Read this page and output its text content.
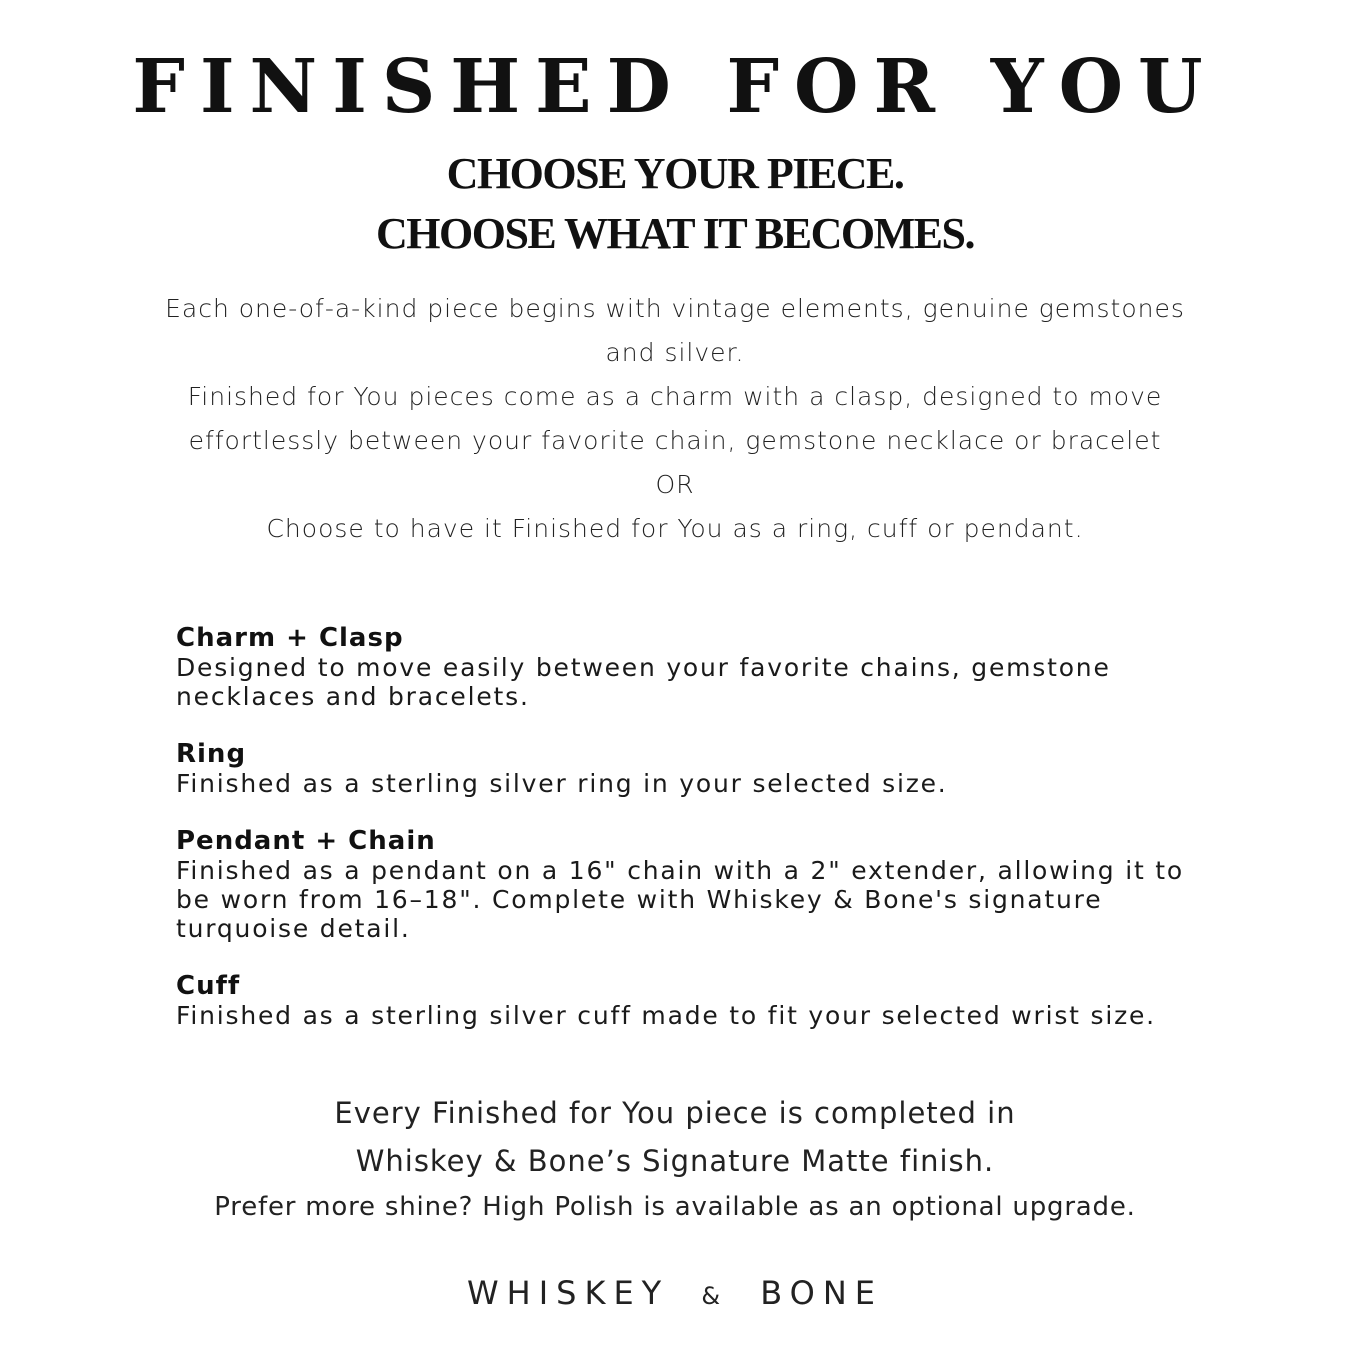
FINISHED FOR YOU
CHOOSE YOUR PIECE.
CHOOSE WHAT IT BECOMES.
Each one-of-a-kind piece begins with vintage elements, genuine gemstones and silver.
Finished for You pieces come as a charm with a clasp, designed to move effortlessly between your favorite chain, gemstone necklace or bracelet
OR
Choose to have it Finished for You as a ring, cuff or pendant.
Charm + Clasp
Designed to move easily between your favorite chains, gemstone necklaces and bracelets.
Ring
Finished as a sterling silver ring in your selected size.
Pendant + Chain
Finished as a pendant on a 16" chain with a 2" extender, allowing it to be worn from 16–18". Complete with Whiskey & Bone's signature turquoise detail.
Cuff
Finished as a sterling silver cuff made to fit your selected wrist size.
Every Finished for You piece is completed in
Whiskey & Bone’s Signature Matte finish.
Prefer more shine? High Polish is available as an optional upgrade.
WHISKEY & BONE
